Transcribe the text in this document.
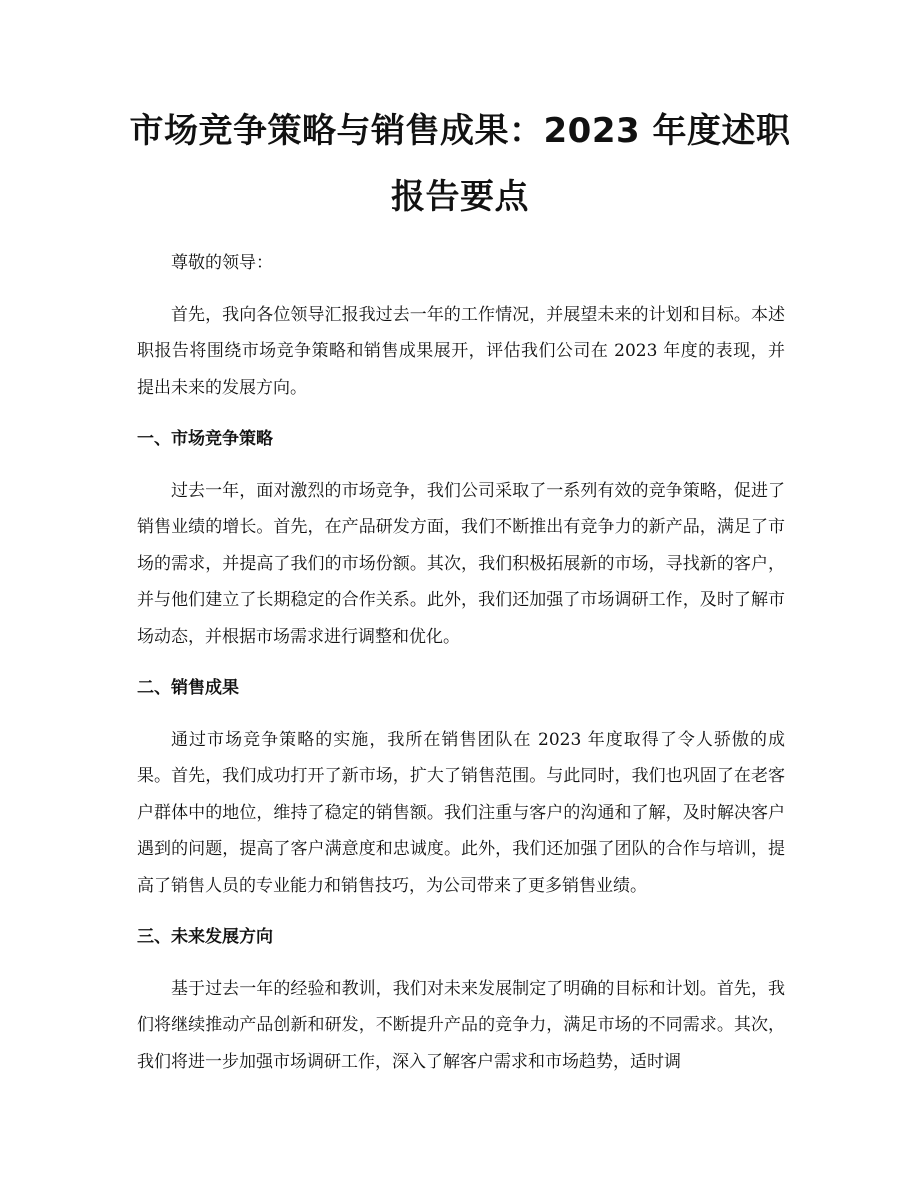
市场竞争策略与销售成果：2023 年度述职报告要点

尊敬的领导：

首先，我向各位领导汇报我过去一年的工作情况，并展望未来的计划和目标。本述职报告将围绕市场竞争策略和销售成果展开，评估我们公司在 2023 年度的表现，并提出未来的发展方向。

一、市场竞争策略

过去一年，面对激烈的市场竞争，我们公司采取了一系列有效的竞争策略，促进了销售业绩的增长。首先，在产品研发方面，我们不断推出有竞争力的新产品，满足了市场的需求，并提高了我们的市场份额。其次，我们积极拓展新的市场，寻找新的客户，并与他们建立了长期稳定的合作关系。此外，我们还加强了市场调研工作，及时了解市场动态，并根据市场需求进行调整和优化。

二、销售成果

通过市场竞争策略的实施，我所在销售团队在 2023 年度取得了令人骄傲的成果。首先，我们成功打开了新市场，扩大了销售范围。与此同时，我们也巩固了在老客户群体中的地位，维持了稳定的销售额。我们注重与客户的沟通和了解，及时解决客户遇到的问题，提高了客户满意度和忠诚度。此外，我们还加强了团队的合作与培训，提高了销售人员的专业能力和销售技巧，为公司带来了更多销售业绩。

三、未来发展方向

基于过去一年的经验和教训，我们对未来发展制定了明确的目标和计划。首先，我们将继续推动产品创新和研发，不断提升产品的竞争力，满足市场的不同需求。其次，我们将进一步加强市场调研工作，深入了解客户需求和市场趋势，适时调
